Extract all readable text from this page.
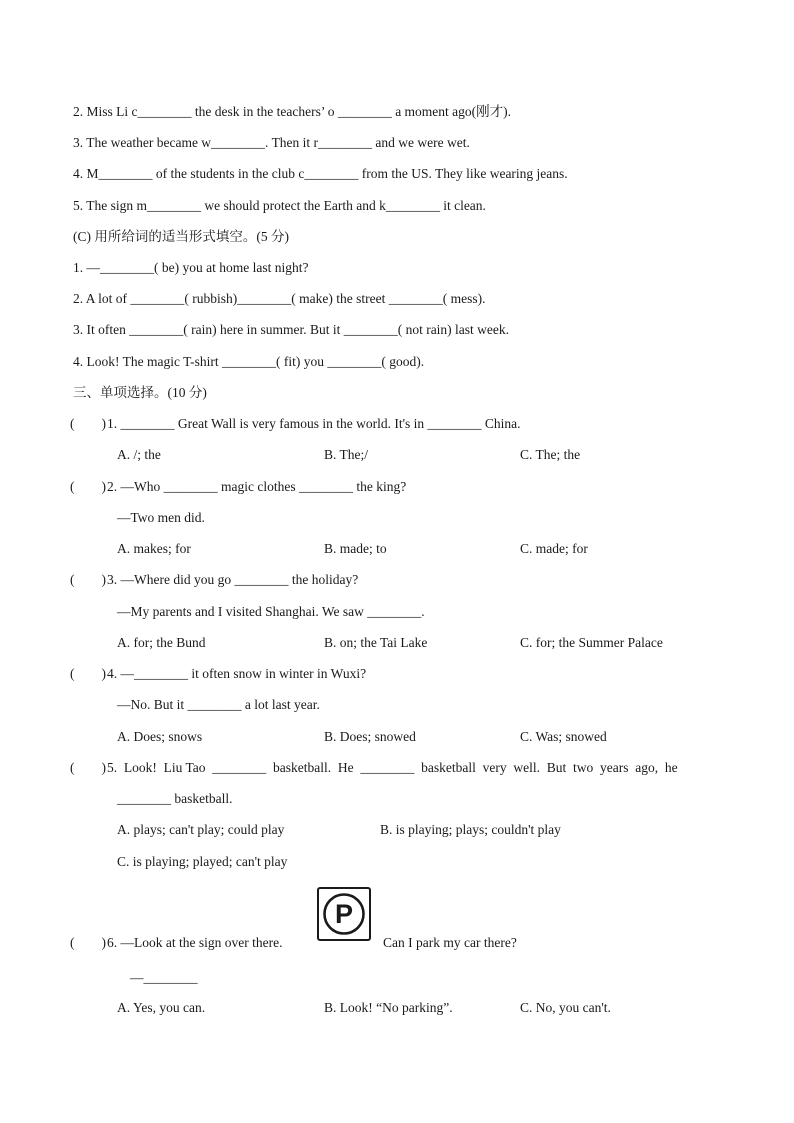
2. Miss Li c________ the desk in the teachers’ o ________ a moment ago(刚才).
3. The weather became w________. Then it r________ and we were wet.
4. M________ of the students in the club c________ from the US. They like wearing jeans.
5. The sign m________ we should protect the Earth and k________ it clean.
(C) 用所给词的适当形式填空。(5 分)
1. —________( be) you at home last night?
2. A lot of ________( rubbish)________( make) the street ________( mess).
3. It often ________( rain) here in summer. But it ________( not rain) last week.
4. Look! The magic T-shirt ________( fit) you ________( good).
三、单项选择。(10 分)
(        ) 1. ________ Great Wall is very famous in the world. It's in ________ China.
A. /; the	B. The;/	C. The; the
(        ) 2. —Who ________ magic clothes ________ the king?
—Two men did.
A. makes; for	B. made; to	C. made; for
(        ) 3. —Where did you go ________ the holiday?
—My parents and I visited Shanghai. We saw ________.
A. for; the Bund	B. on; the Tai Lake	C. for; the Summer Palace
(        ) 4. —________ it often snow in winter in Wuxi?
—No. But it ________ a lot last year.
A. Does; snows	B. Does; snowed	C. Was; snowed
(        ) 5.  Look!  Liu Tao  ________  basketball.  He  ________  basketball  very  well.  But  two  years  ago,  he
________ basketball.
A. plays; can't play; could play	B. is playing; plays; couldn't play
C. is playing; played; can't play
P
(        ) 6. —Look at the sign over there.	Can I park my car there?
—________
A. Yes, you can.	B. Look! “No parking”.	C. No, you can't.
